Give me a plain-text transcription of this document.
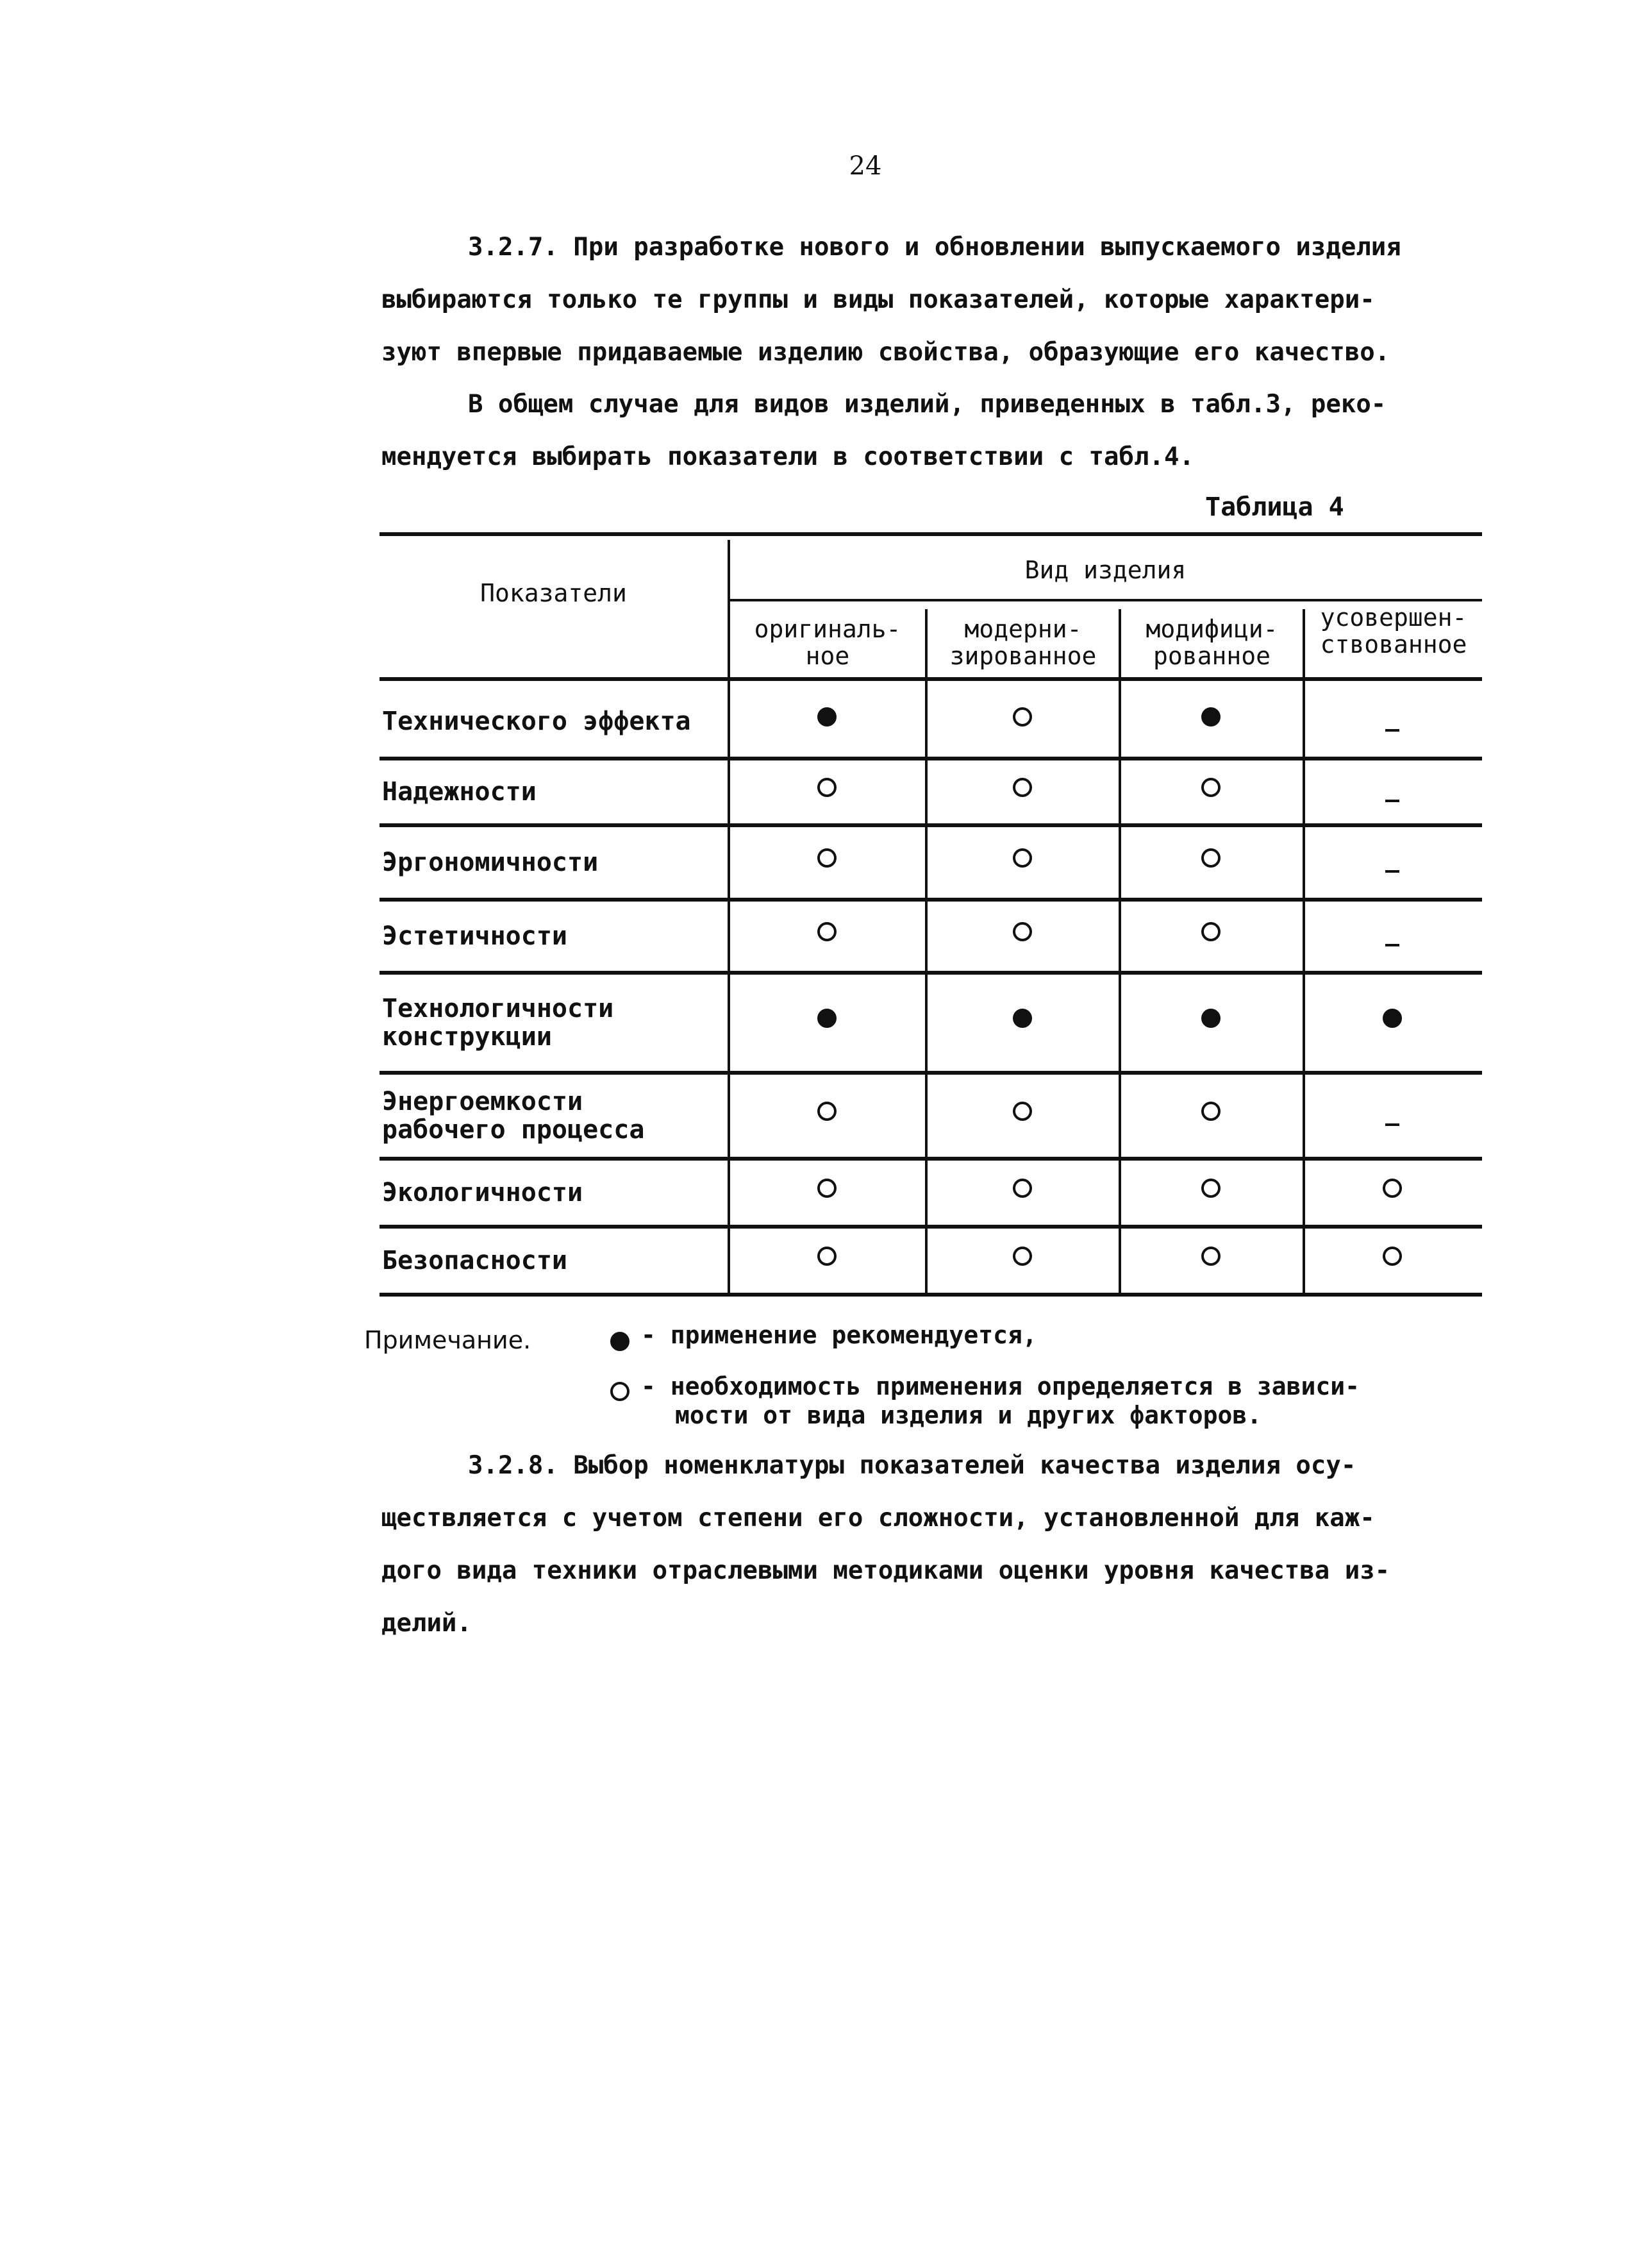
24
3.2.7. При разработке нового и обновлении выпускаемого изделия
выбираются только те группы и виды показателей, которые характери-
зуют впервые придаваемые изделию свойства, образующие его качество.
В общем случае для видов изделий, приведенных в табл.3, реко-
мендуется выбирать показатели в соответствии с табл.4.
Таблица 4
Показатели
Вид изделия
оригиналь-
ное
модерни-
зированное
модифици-
рованное
усовершен-
ствованное
Технического эффекта
Надежности
Эргономичности
Эстетичности
Технологичности
конструкции
Энергоемкости
рабочего процесса
Экологичности
Безопасности
Примечание.	- применение рекомендуется,
- необходимость применения определяется в зависи-
мости от вида изделия и других факторов.
3.2.8. Выбор номенклатуры показателей качества изделия осу-
ществляется с учетом степени его сложности, установленной для каж-
дого вида техники отраслевыми методиками оценки уровня качества из-
делий.
